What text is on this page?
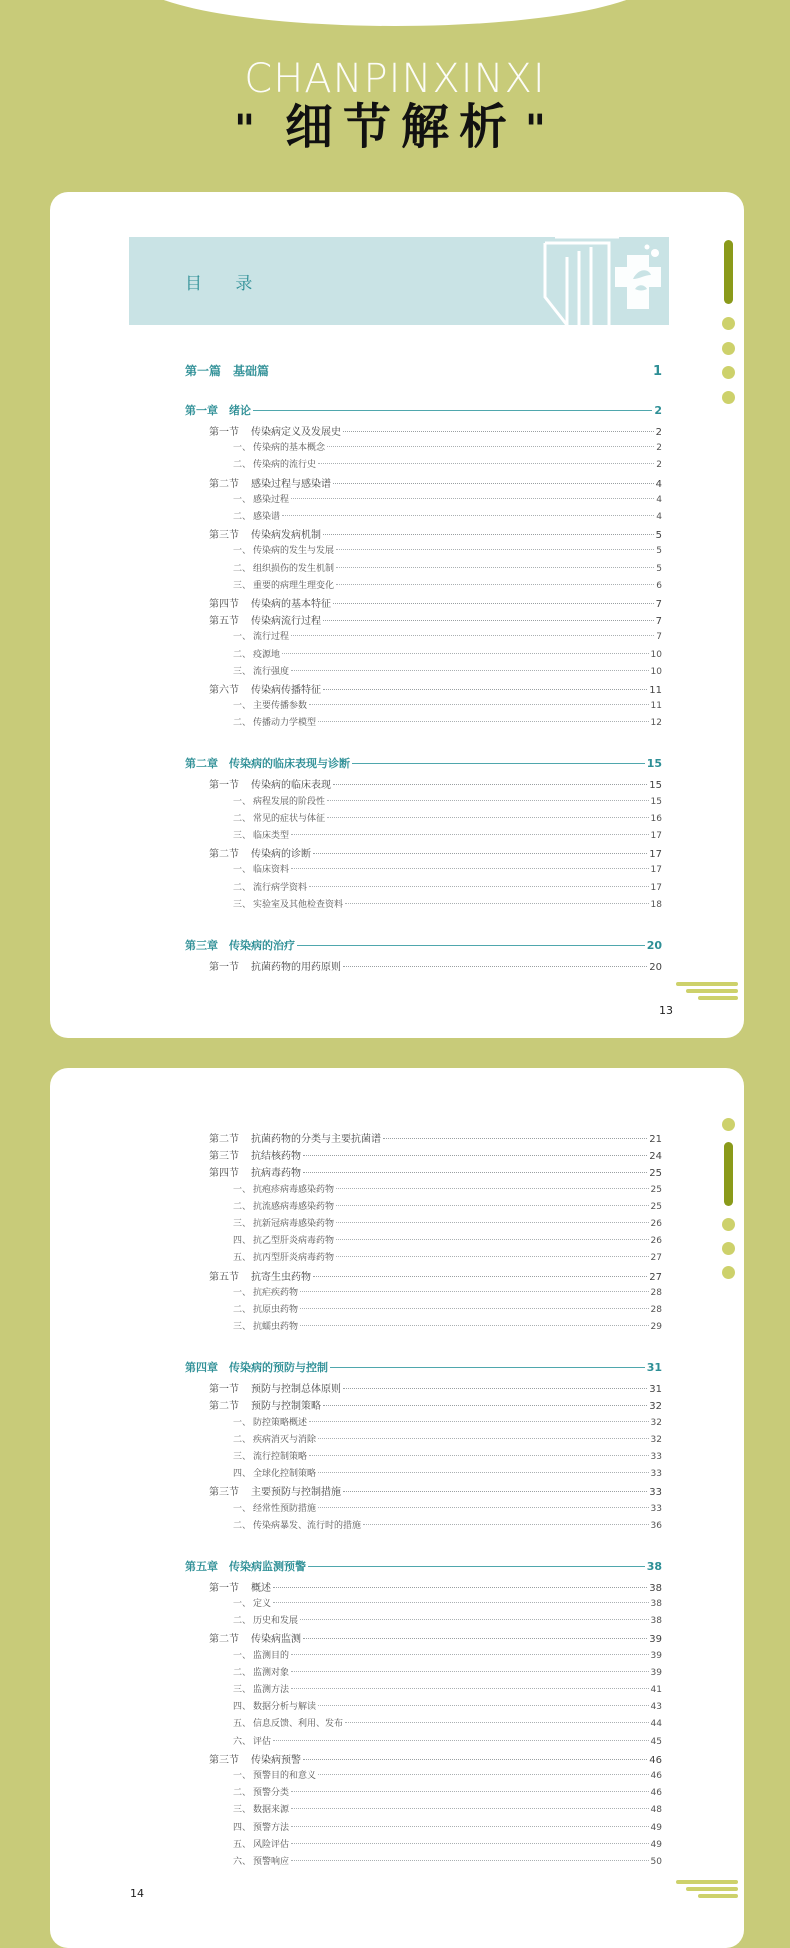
CHANPINXINXI
" 细节解析 "
目 录
第一篇　基础篇	1
第一章　绪论	2
第一节 传染病定义及发展史	2
一、 传染病的基本概念	2
二、 传染病的流行史	2
第二节 感染过程与感染谱	4
一、 感染过程	4
二、 感染谱	4
第三节 传染病发病机制	5
一、 传染病的发生与发展	5
二、 组织损伤的发生机制	5
三、 重要的病理生理变化	6
第四节 传染病的基本特征	7
第五节 传染病流行过程	7
一、 流行过程	7
二、 疫源地	10
三、 流行强度	10
第六节 传染病传播特征	11
一、 主要传播参数	11
二、 传播动力学模型	12
第二章　传染病的临床表现与诊断	15
第一节 传染病的临床表现	15
一、 病程发展的阶段性	15
二、 常见的症状与体征	16
三、 临床类型	17
第二节 传染病的诊断	17
一、 临床资料	17
二、 流行病学资料	17
三、 实验室及其他检查资料	18
第三章　传染病的治疗	20
第一节 抗菌药物的用药原则	20
13
第二节 抗菌药物的分类与主要抗菌谱	21
第三节 抗结核药物	24
第四节 抗病毒药物	25
一、 抗疱疹病毒感染药物	25
二、 抗流感病毒感染药物	25
三、 抗新冠病毒感染药物	26
四、 抗乙型肝炎病毒药物	26
五、 抗丙型肝炎病毒药物	27
第五节 抗寄生虫药物	27
一、 抗疟疾药物	28
二、 抗原虫药物	28
三、 抗蠕虫药物	29
第四章　传染病的预防与控制	31
第一节 预防与控制总体原则	31
第二节 预防与控制策略	32
一、 防控策略概述	32
二、 疾病消灭与消除	32
三、 流行控制策略	33
四、 全球化控制策略	33
第三节 主要预防与控制措施	33
一、 经常性预防措施	33
二、 传染病暴发、流行时的措施	36
第五章　传染病监测预警	38
第一节 概述	38
一、 定义	38
二、 历史和发展	38
第二节 传染病监测	39
一、 监测目的	39
二、 监测对象	39
三、 监测方法	41
四、 数据分析与解读	43
五、 信息反馈、利用、发布	44
六、 评估	45
第三节 传染病预警	46
一、 预警目的和意义	46
二、 预警分类	46
三、 数据来源	48
四、 预警方法	49
五、 风险评估	49
六、 预警响应	50
14
